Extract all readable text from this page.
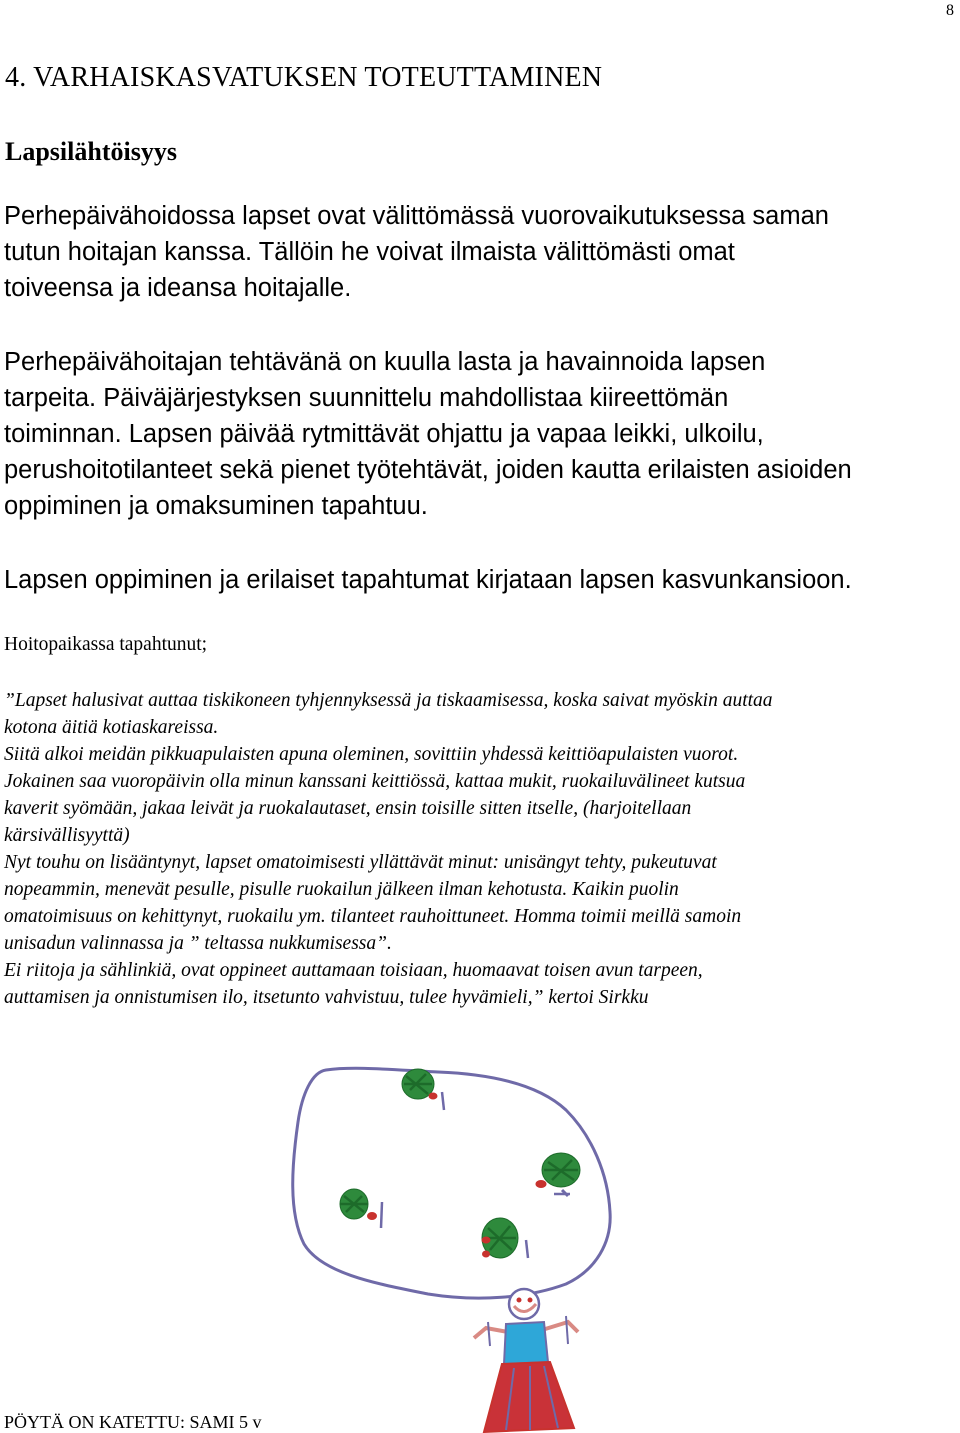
8
4. VARHAISKASVATUKSEN TOTEUTTAMINEN
Lapsilähtöisyys

Perhepäivähoidossa lapset ovat välittömässä vuorovaikutuksessa saman
tutun hoitajan kanssa. Tällöin he voivat ilmaista välittömästi omat
toiveensa ja ideansa hoitajalle.

Perhepäivähoitajan tehtävänä on kuulla lasta ja havainnoida lapsen
tarpeita. Päiväjärjestyksen suunnittelu mahdollistaa kiireettömän
toiminnan. Lapsen päivää rytmittävät ohjattu ja vapaa leikki, ulkoilu,
perushoitotilanteet sekä pienet työtehtävät, joiden kautta erilaisten asioiden
oppiminen ja omaksuminen tapahtuu.

Lapsen oppiminen ja erilaiset tapahtumat kirjataan lapsen kasvunkansioon.

Hoitopaikassa tapahtunut;

”Lapset halusivat auttaa tiskikoneen tyhjennyksessä ja tiskaamisessa, koska saivat myöskin auttaa
kotona äitiä kotiaskareissa.
Siitä alkoi meidän pikkuapulaisten apuna oleminen, sovittiin yhdessä keittiöapulaisten vuorot.
Jokainen saa vuoropäivin olla minun kanssani keittiössä, kattaa mukit, ruokailuvälineet kutsua
kaverit syömään, jakaa leivät ja ruokalautaset, ensin toisille sitten itselle, (harjoitellaan
kärsivällisyyttä)
Nyt touhu on lisääntynyt, lapset omatoimisesti yllättävät minut: unisängyt tehty, pukeutuvat
nopeammin, menevät pesulle, pisulle ruokailun jälkeen ilman kehotusta. Kaikin puolin
omatoimisuus on kehittynyt, ruokailu ym. tilanteet rauhoittuneet. Homma toimii meillä samoin
unisadun valinnassa ja ” teltassa nukkumisessa”.
Ei riitoja ja sählinkiä, ovat oppineet auttamaan toisiaan, huomaavat toisen avun tarpeen,
auttamisen ja onnistumisen ilo, itsetunto vahvistuu, tulee hyvämieli,” kertoi Sirkku

PÖYTÄ ON KATETTU: SAMI 5 v
